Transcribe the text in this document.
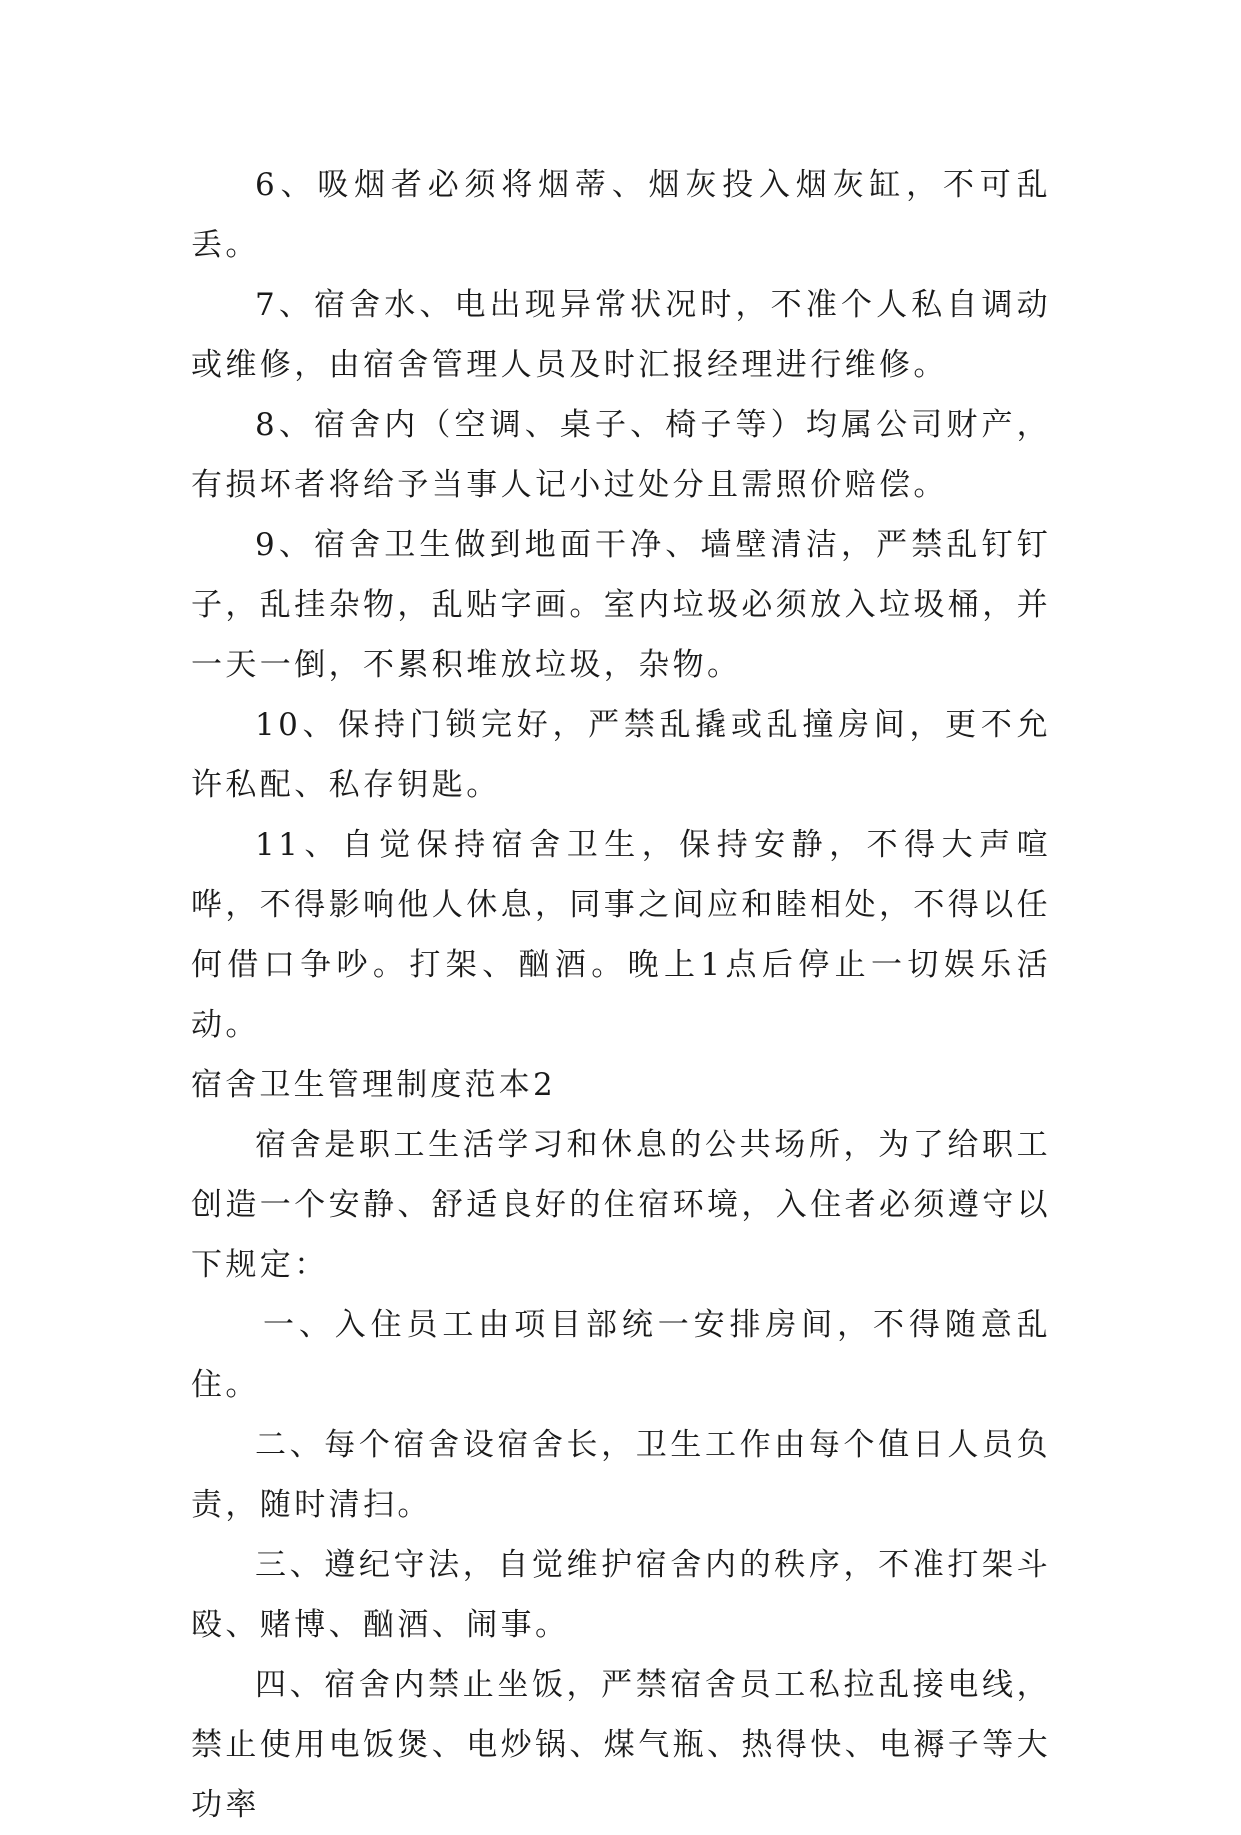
6、吸烟者必须将烟蒂、烟灰投入烟灰缸，不可乱丢。

7、宿舍水、电出现异常状况时，不准个人私自调动或维修，由宿舍管理人员及时汇报经理进行维修。

8、宿舍内（空调、桌子、椅子等）均属公司财产，有损坏者将给予当事人记小过处分且需照价赔偿。

9、宿舍卫生做到地面干净、墙壁清洁，严禁乱钉钉子，乱挂杂物，乱贴字画。室内垃圾必须放入垃圾桶，并一天一倒，不累积堆放垃圾，杂物。

10、保持门锁完好，严禁乱撬或乱撞房间，更不允许私配、私存钥匙。

11、自觉保持宿舍卫生，保持安静，不得大声喧哗，不得影响他人休息，同事之间应和睦相处，不得以任何借口争吵。打架、酗酒。晚上1点后停止一切娱乐活动。

宿舍卫生管理制度范本2

宿舍是职工生活学习和休息的公共场所，为了给职工创造一个安静、舒适良好的住宿环境，入住者必须遵守以下规定：

一、入住员工由项目部统一安排房间，不得随意乱住。

二、每个宿舍设宿舍长，卫生工作由每个值日人员负责，随时清扫。

三、遵纪守法，自觉维护宿舍内的秩序，不准打架斗殴、赌博、酗酒、闹事。

四、宿舍内禁止坐饭，严禁宿舍员工私拉乱接电线，禁止使用电饭煲、电炒锅、煤气瓶、热得快、电褥子等大功率
